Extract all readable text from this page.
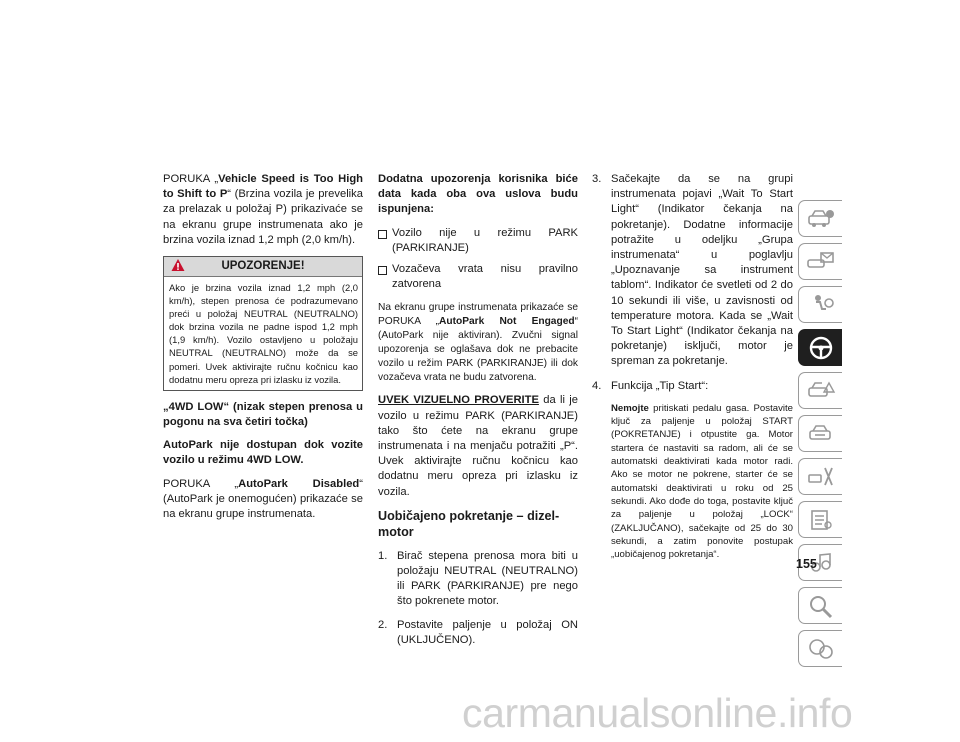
PORUKA „Vehicle Speed is Too High to Shift to P“ (Brzina vozila je prevelika za prelazak u položaj P) prikazivaće se na ekranu grupe instrumenata ako je brzina vozila iznad 1,2 mph (2,0 km/h).

UPOZORENJE!
Ako je brzina vozila iznad 1,2 mph (2,0 km/h), stepen prenosa će podrazumevano preći u položaj NEUTRAL (NEUTRALNO) dok brzina vozila ne padne ispod 1,2 mph (1,9 km/h). Vozilo ostavljeno u položaju NEUTRAL (NEUTRALNO) može da se pomeri. Uvek aktivirajte ručnu kočnicu kao dodatnu meru opreza pri izlasku iz vozila.

„4WD LOW“ (nizak stepen prenosa u pogonu na sva četiri točka)

AutoPark nije dostupan dok vozite vozilo u režimu 4WD LOW.

PORUKA „AutoPark Disabled“ (AutoPark je onemogućen) prikazaće se na ekranu grupe instrumenata.

Dodatna upozorenja korisnika biće data kada oba ova uslova budu ispunjena:

Vozilo nije u režimu PARK (PARKIRANJE)
Vozačeva vrata nisu pravilno zatvorena

Na ekranu grupe instrumenata prikazaće se PORUKA „AutoPark Not Engaged“ (AutoPark nije aktiviran). Zvučni signal upozorenja se oglašava dok ne prebacite vozilo u režim PARK (PARKIRANJE) ili dok vozačeva vrata ne budu zatvorena.

UVEK VIZUELNO PROVERITE da li je vozilo u režimu PARK (PARKIRANJE) tako što ćete na ekranu grupe instrumenata i na menjaču potražiti „P“. Uvek aktivirajte ručnu kočnicu kao dodatnu meru opreza pri izlasku iz vozila.

Uobičajeno pokretanje – dizel-motor
1. Birač stepena prenosa mora biti u položaju NEUTRAL (NEUTRALNO) ili PARK (PARKIRANJE) pre nego što pokrenete motor.
2. Postavite paljenje u položaj ON (UKLJUČENO).
3. Sačekajte da se na grupi instrumenata pojavi „Wait To Start Light“ (Indikator čekanja na pokretanje). Dodatne informacije potražite u odeljku „Grupa instrumenata“ u poglavlju „Upoznavanje sa instrument tablom“. Indikator će svetleti od 2 do 10 sekundi ili više, u zavisnosti od temperature motora. Kada se „Wait To Start Light“ (Indikator čekanja na pokretanje) isključi, motor je spreman za pokretanje.
4. Funkcija „Tip Start“:
Nemojte pritiskati pedalu gasa. Postavite ključ za paljenje u položaj START (POKRETANJE) i otpustite ga. Motor startera će nastaviti sa radom, ali će se automatski deaktivirati kada motor radi. Ako se motor ne pokrene, starter će se automatski deaktivirati u roku od 25 sekundi. Ako dođe do toga, postavite ključ za paljenje u položaj „LOCK“ (ZAKLJUČANO), sačekajte od 25 do 30 sekundi, a zatim ponovite postupak „uobičajenog pokretanja“.
155
carmanualsonline.info
